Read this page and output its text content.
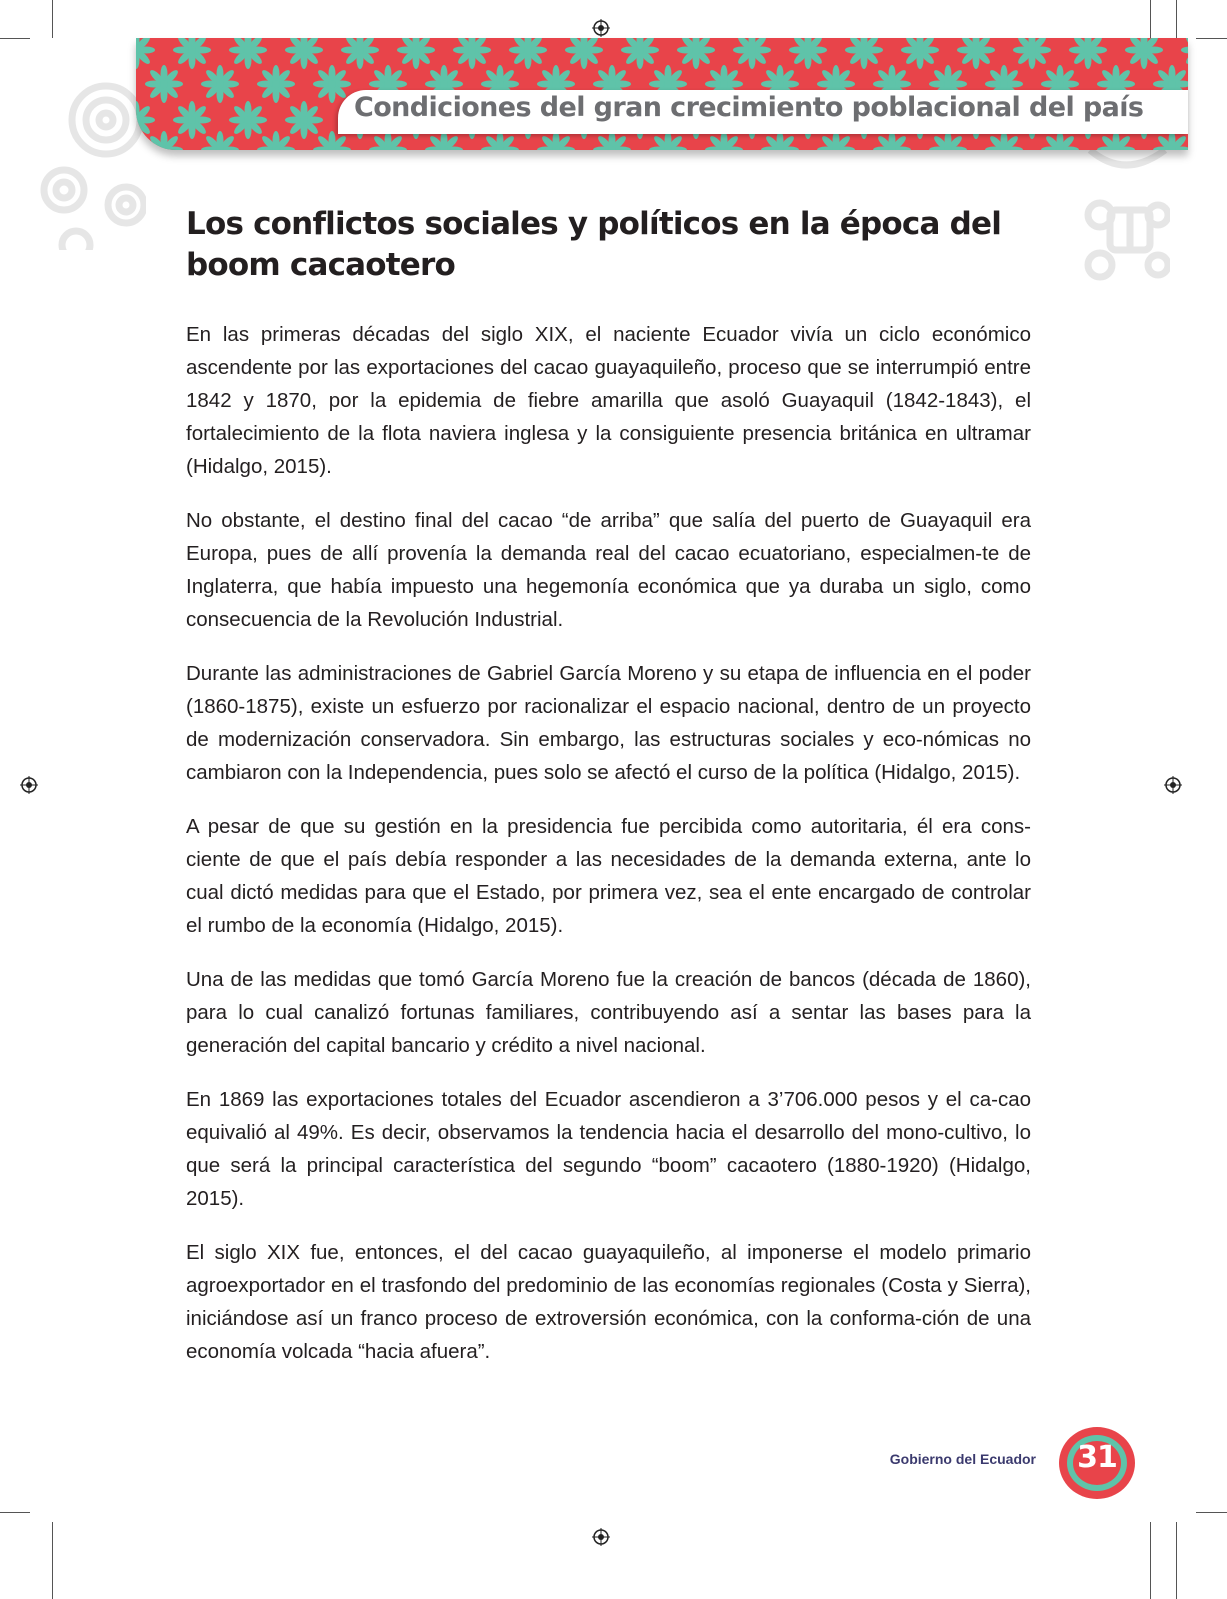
Condiciones del gran crecimiento poblacional del país
Los conflictos sociales y políticos en la época del boom cacaotero

En las primeras décadas del siglo XIX, el naciente Ecuador vivía un ciclo económico ascendente por las exportaciones del cacao guayaquileño, proceso que se interrumpió entre 1842 y 1870, por la epidemia de fiebre amarilla que asoló Guayaquil (1842-1843), el fortalecimiento de la flota naviera inglesa y la consiguiente presencia británica en ultramar (Hidalgo, 2015).

No obstante, el destino final del cacao “de arriba” que salía del puerto de Guayaquil era Europa, pues de allí provenía la demanda real del cacao ecuatoriano, especialmen-te de Inglaterra, que había impuesto una hegemonía económica que ya duraba un siglo, como consecuencia de la Revolución Industrial.

Durante las administraciones de Gabriel García Moreno y su etapa de influencia en el poder (1860-1875), existe un esfuerzo por racionalizar el espacio nacional, dentro de un proyecto de modernización conservadora. Sin embargo, las estructuras sociales y eco-nómicas no cambiaron con la Independencia, pues solo se afectó el curso de la política (Hidalgo, 2015).

A pesar de que su gestión en la presidencia fue percibida como autoritaria, él era cons-ciente de que el país debía responder a las necesidades de la demanda externa, ante lo cual dictó medidas para que el Estado, por primera vez, sea el ente encargado de controlar el rumbo de la economía (Hidalgo, 2015).

Una de las medidas que tomó García Moreno fue la creación de bancos (década de 1860), para lo cual canalizó fortunas familiares, contribuyendo así a sentar las bases para la generación del capital bancario y crédito a nivel nacional.

En 1869 las exportaciones totales del Ecuador ascendieron a 3’706.000 pesos y el ca-cao equivalió al 49%. Es decir, observamos la tendencia hacia el desarrollo del mono-cultivo, lo que será la principal característica del segundo “boom” cacaotero (1880-1920) (Hidalgo, 2015).

El siglo XIX fue, entonces, el del cacao guayaquileño, al imponerse el modelo primario agroexportador en el trasfondo del predominio de las economías regionales (Costa y Sierra), iniciándose así un franco proceso de extroversión económica, con la conforma-ción de una economía volcada “hacia afuera”.

Gobierno del Ecuador	31
